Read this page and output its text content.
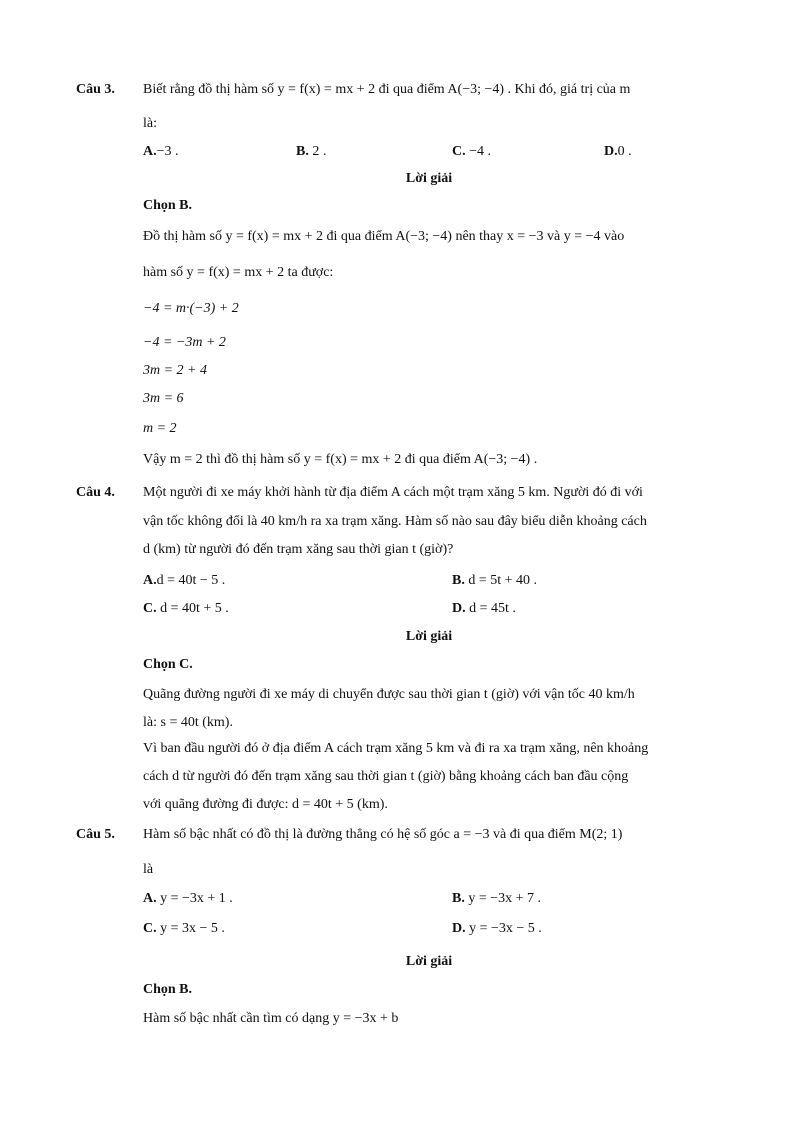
Câu 3. Biết rằng đồ thị hàm số y = f(x) = mx + 2 đi qua điểm A(−3; −4) . Khi đó, giá trị của m
là:
A.−3 .	B. 2 .	C. −4 .	D.0 .
Lời giải
Chọn B.
Đồ thị hàm số y = f(x) = mx + 2 đi qua điểm A(−3; −4) nên thay x = −3 và y = −4 vào
hàm số y = f(x) = mx + 2 ta được:
−4 = m·(−3) + 2
−4 = −3m + 2
3m = 2 + 4
3m = 6
m = 2
Vậy m = 2 thì đồ thị hàm số y = f(x) = mx + 2 đi qua điểm A(−3; −4) .
Câu 4. Một người đi xe máy khởi hành từ địa điểm A cách một trạm xăng 5 km. Người đó đi với
vận tốc không đổi là 40 km/h ra xa trạm xăng. Hàm số nào sau đây biểu diễn khoảng cách
d (km) từ người đó đến trạm xăng sau thời gian t (giờ)?
A.d = 40t − 5 .	B. d = 5t + 40 .
C. d = 40t + 5 .	D. d = 45t .
Lời giải
Chọn C.
Quãng đường người đi xe máy di chuyển được sau thời gian t (giờ) với vận tốc 40 km/h
là: s = 40t (km).
Vì ban đầu người đó ở địa điểm A cách trạm xăng 5 km và đi ra xa trạm xăng, nên khoảng
cách d từ người đó đến trạm xăng sau thời gian t (giờ) bằng khoảng cách ban đầu cộng
với quãng đường đi được: d = 40t + 5 (km).
Câu 5. Hàm số bậc nhất có đồ thị là đường thẳng có hệ số góc a = −3 và đi qua điểm M(2; 1)
là
A. y = −3x + 1 .	B. y = −3x + 7 .
C. y = 3x − 5 .	D. y = −3x − 5 .
Lời giải
Chọn B.
Hàm số bậc nhất cần tìm có dạng y = −3x + b
